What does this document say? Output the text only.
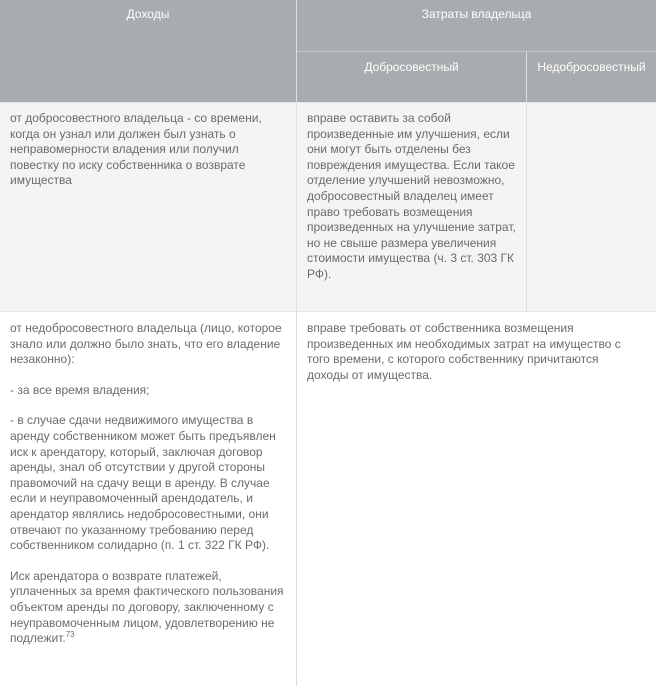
Доходы	Затраты владельца
Добросовестный	Недобросовестный
от добросовестного владельца - со времени, когда он узнал или должен был узнать о неправомерности владения или получил повестку по иску собственника о возврате имущества
вправе оставить за собой произведенные им улучшения, если они могут быть отделены без повреждения имущества. Если такое отделение улучшений невозможно, добросовестный владелец имеет право требовать возмещения произведенных на улучшение затрат, но не свыше размера увеличения стоимости имущества (ч. 3 ст. 303 ГК РФ).

от недобросовестного владельца (лицо, которое знало или должно было знать, что его владение незаконно):

- за все время владения;

- в случае сдачи недвижимого имущества в аренду собственником может быть предъявлен иск к арендатору, который, заключая договор аренды, знал об отсутствии у другой стороны правомочий на сдачу вещи в аренду. В случае если и неуправомоченный арендодатель, и арендатор являлись недобросовестными, они отвечают по указанному требованию перед собственником солидарно (п. 1 ст. 322 ГК РФ).

Иск арендатора о возврате платежей, уплаченных за время фактического пользования объектом аренды по договору, заключенному с неуправомоченным лицом, удовлетворению не подлежит.$^{73}$

вправе требовать от собственника возмещения произведенных им необходимых затрат на имущество с того времени, с которого собственнику причитаются доходы от имущества.
